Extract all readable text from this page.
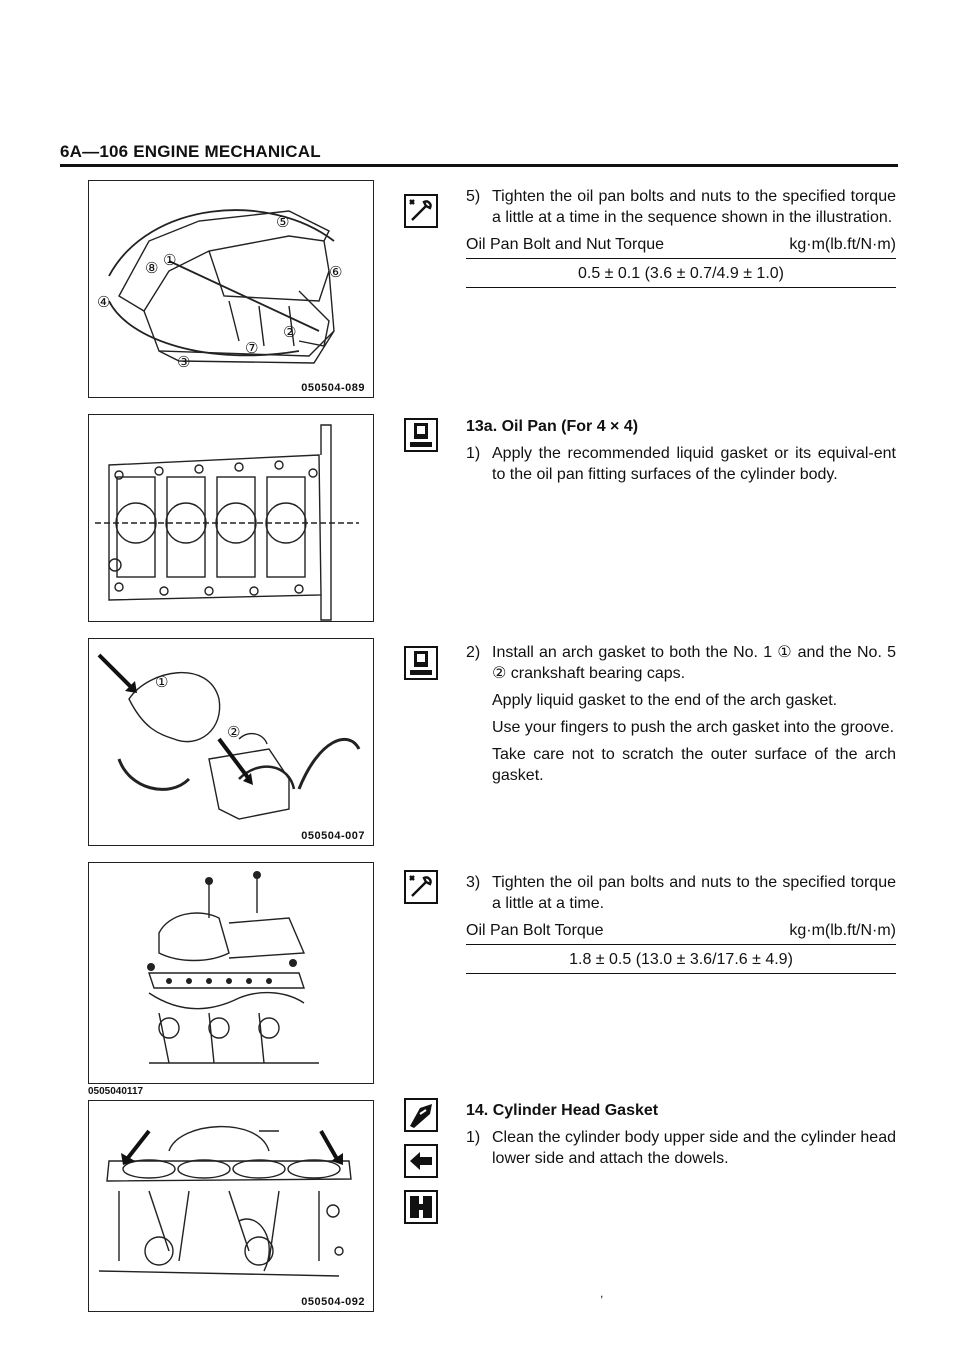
6A—106 ENGINE MECHANICAL
⑤
⑧ ①
⑥
④
②
⑦
③
050504-089
①
②
050504-007
0505040117
050504-092
5) Tighten the oil pan bolts and nuts to the specified torque a little at a time in the sequence shown in the illustration.
Oil Pan Bolt and Nut Torque	kg·m(lb.ft/N·m)
0.5 ± 0.1 (3.6 ± 0.7/4.9 ± 1.0)
13a. Oil Pan (For 4 × 4)
1) Apply the recommended liquid gasket or its equival-ent to the oil pan fitting surfaces of the cylinder body.
2) Install an arch gasket to both the No. 1 ① and the No. 5 ② crankshaft bearing caps.
Apply liquid gasket to the end of the arch gasket.
Use your fingers to push the arch gasket into the groove.
Take care not to scratch the outer surface of the arch gasket.
3) Tighten the oil pan bolts and nuts to the specified torque a little at a time.
Oil Pan Bolt Torque	kg·m(lb.ft/N·m)
1.8 ± 0.5 (13.0 ± 3.6/17.6 ± 4.9)
14. Cylinder Head Gasket
1) Clean the cylinder body upper side and the cylinder head lower side and attach the dowels.
,
